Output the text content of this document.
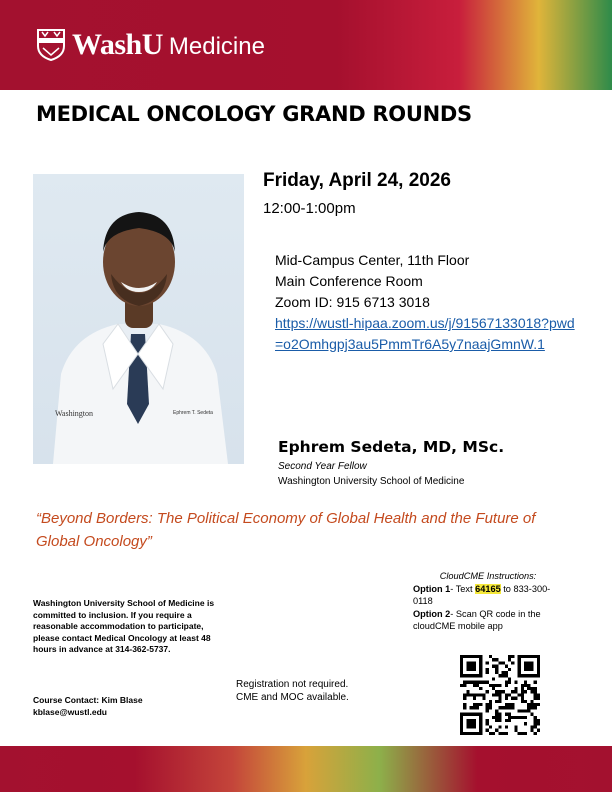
WashU Medicine
MEDICAL ONCOLOGY GRAND ROUNDS
Washington	Ephrem T. Sedeta
Friday, April 24, 2026
12:00-1:00pm
Mid-Campus Center, 11th Floor
Main Conference Room
Zoom ID: 915 6713 3018
https://wustl-hipaa.zoom.us/j/91567133018?pwd=o2Omhgpj3au5PmmTr6A5y7naajGmnW.1
Ephrem Sedeta, MD, MSc.
Second Year Fellow
Washington University School of Medicine
“Beyond Borders: The Political Economy of Global Health and the Future of Global Oncology”
CloudCME Instructions:
Option 1- Text 64165 to 833-300-0118
Option 2- Scan QR code in the cloudCME mobile app
Washington University School of Medicine is committed to inclusion. If you require a reasonable accommodation to participate, please contact Medical Oncology at least 48 hours in advance at 314-362-5737.
Course Contact: Kim Blase
kblase@wustl.edu
Registration not required.
CME and MOC available.
